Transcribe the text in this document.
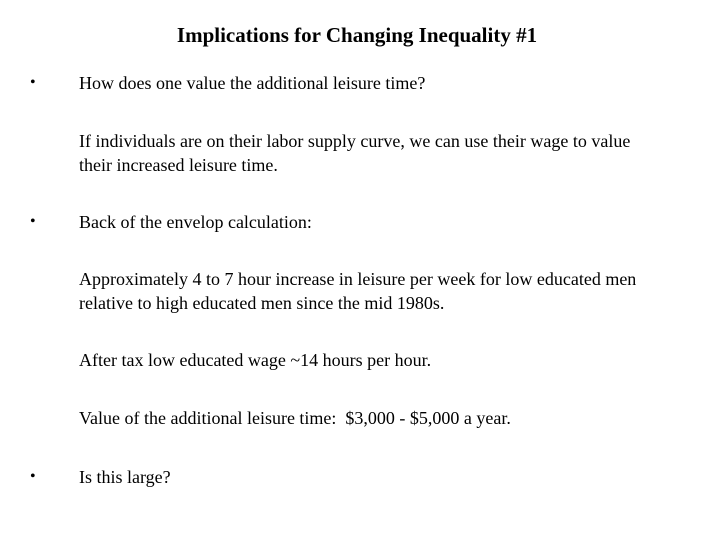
Implications for Changing Inequality #1
• How does one value the additional leisure time?
If individuals are on their labor supply curve, we can use their wage to value their increased leisure time.
• Back of the envelop calculation:
Approximately 4 to 7 hour increase in leisure per week for low educated men relative to high educated men since the mid 1980s.
After tax low educated wage ~14 hours per hour.
Value of the additional leisure time:  $3,000 - $5,000 a year.
• Is this large?
